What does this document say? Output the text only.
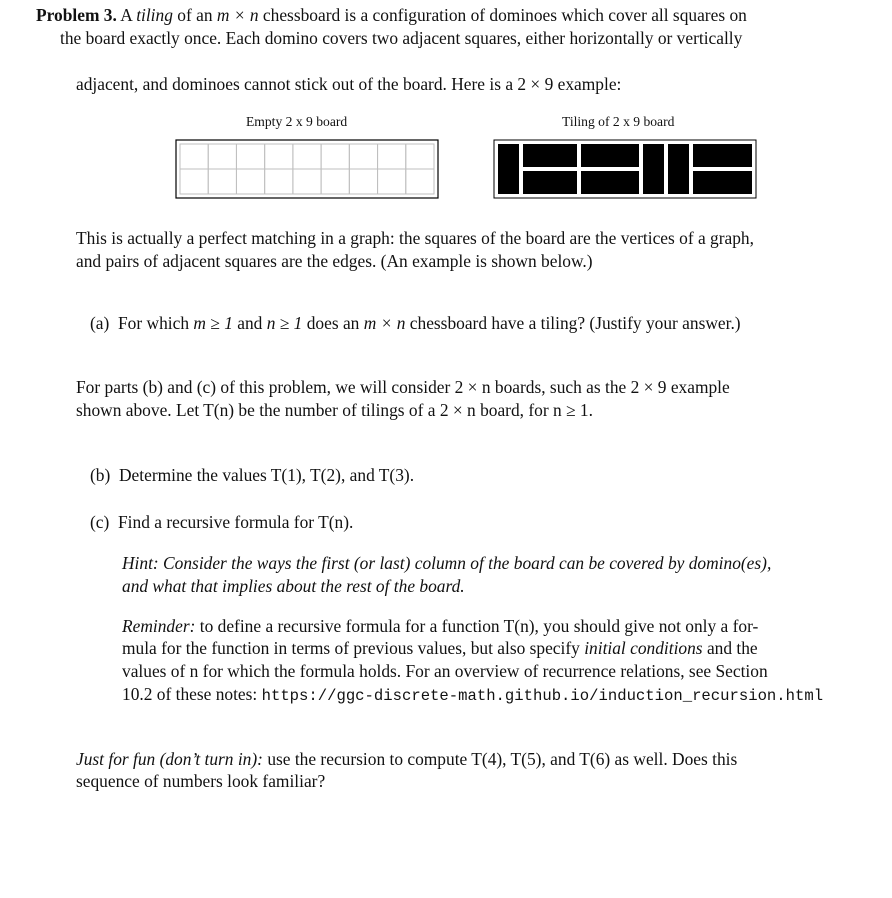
Problem 3. A tiling of an m × n chessboard is a configuration of dominoes which cover all squares on
the board exactly once. Each domino covers two adjacent squares, either horizontally or vertically
adjacent, and dominoes cannot stick out of the board. Here is a 2 × 9 example:
Empty 2 x 9 board	Tiling of 2 x 9 board
This is actually a perfect matching in a graph: the squares of the board are the vertices of a graph,
and pairs of adjacent squares are the edges. (An example is shown below.)
(a) For which m ≥ 1 and n ≥ 1 does an m × n chessboard have a tiling? (Justify your answer.)
For parts (b) and (c) of this problem, we will consider 2 × n boards, such as the 2 × 9 example
shown above. Let T(n) be the number of tilings of a 2 × n board, for n ≥ 1.
(b) Determine the values T(1), T(2), and T(3).
(c) Find a recursive formula for T(n).
Hint: Consider the ways the first (or last) column of the board can be covered by domino(es),
and what that implies about the rest of the board.
Reminder: to define a recursive formula for a function T(n), you should give not only a for-
mula for the function in terms of previous values, but also specify initial conditions and the
values of n for which the formula holds. For an overview of recurrence relations, see Section
10.2 of these notes: https://ggc-discrete-math.github.io/induction_recursion.html
Just for fun (don’t turn in): use the recursion to compute T(4), T(5), and T(6) as well. Does this
sequence of numbers look familiar?
